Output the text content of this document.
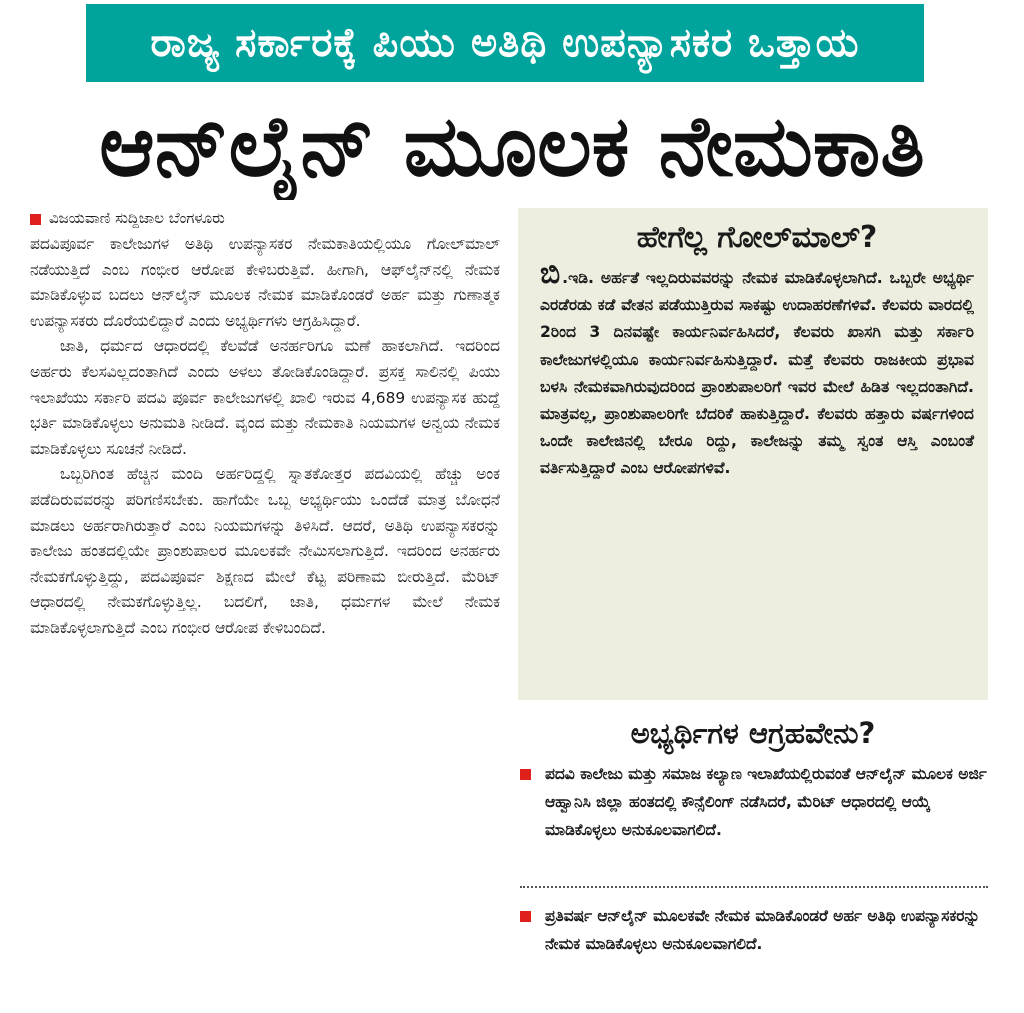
ರಾಜ್ಯ ಸರ್ಕಾರಕ್ಕೆ ಪಿಯು ಅತಿಥಿ ಉಪನ್ಯಾಸಕರ ಒತ್ತಾಯ
ಆನ್‌ಲೈನ್ ಮೂಲಕ ನೇಮಕಾತಿ
ವಿಜಯವಾಣಿ ಸುದ್ದಿಜಾಲ ಬೆಂಗಳೂರು

ಪದವಿಪೂರ್ವ ಕಾಲೇಜುಗಳ ಅತಿಥಿ ಉಪನ್ಯಾಸಕರ ನೇಮಕಾತಿಯಲ್ಲಿಯೂ ಗೋಲ್‌ಮಾಲ್ ನಡೆಯುತ್ತಿದೆ ಎಂಬ ಗಂಭೀರ ಆರೋಪ ಕೇಳಿಬರುತ್ತಿವೆ. ಹೀಗಾಗಿ, ಆಫ್‌ಲೈನ್‌ನಲ್ಲಿ ನೇಮಕ ಮಾಡಿಕೊಳ್ಳುವ ಬದಲು ಆನ್‌ಲೈನ್ ಮೂಲಕ ನೇಮಕ ಮಾಡಿಕೊಂಡರೆ ಅರ್ಹ ಮತ್ತು ಗುಣಾತ್ಮಕ ಉಪನ್ಯಾಸಕರು ದೊರೆಯಲಿದ್ದಾರೆ ಎಂದು ಅಭ್ಯರ್ಥಿಗಳು ಆಗ್ರಹಿಸಿದ್ದಾರೆ.

ಜಾತಿ, ಧರ್ಮದ ಆಧಾರದಲ್ಲಿ ಕೆಲವೆಡೆ ಅನರ್ಹರಿಗೂ ಮಣೆ ಹಾಕಲಾಗಿದೆ. ಇದರಿಂದ ಅರ್ಹರು ಕೆಲಸವಿಲ್ಲದಂತಾಗಿದೆ ಎಂದು ಅಳಲು ತೋಡಿಕೊಂಡಿದ್ದಾರೆ. ಪ್ರಸಕ್ತ ಸಾಲಿನಲ್ಲಿ ಪಿಯು ಇಲಾಖೆಯು ಸರ್ಕಾರಿ ಪದವಿ ಪೂರ್ವ ಕಾಲೇಜುಗಳಲ್ಲಿ ಖಾಲಿ ಇರುವ 4,689 ಉಪನ್ಯಾಸಕ ಹುದ್ದೆ ಭರ್ತಿ ಮಾಡಿಕೊಳ್ಳಲು ಅನುಮತಿ ನೀಡಿದೆ. ವೃಂದ ಮತ್ತು ನೇಮಕಾತಿ ನಿಯಮಗಳ ಅನ್ವಯ ನೇಮಕ ಮಾಡಿಕೊಳ್ಳಲು ಸೂಚನೆ ನೀಡಿದೆ.

ಒಬ್ಬರಿಗಿಂತ ಹೆಚ್ಚಿನ ಮಂದಿ ಅರ್ಹರಿದ್ದಲ್ಲಿ ಸ್ನಾತಕೋತ್ತರ ಪದವಿಯಲ್ಲಿ ಹೆಚ್ಚು ಅಂಕ ಪಡೆದಿರುವವರನ್ನು ಪರಿಗಣಿಸಬೇಕು. ಹಾಗೆಯೇ ಒಬ್ಬ ಅಭ್ಯರ್ಥಿಯು ಒಂದೆಡೆ ಮಾತ್ರ ಬೋಧನೆ ಮಾಡಲು ಅರ್ಹರಾಗಿರುತ್ತಾರೆ ಎಂಬ ನಿಯಮಗಳನ್ನು ತಿಳಿಸಿದೆ. ಆದರೆ, ಅತಿಥಿ ಉಪನ್ಯಾಸಕರನ್ನು ಕಾಲೇಜು ಹಂತದಲ್ಲಿಯೇ ಪ್ರಾಂಶುಪಾಲರ ಮೂಲಕವೇ ನೇಮಿಸಲಾಗುತ್ತಿದೆ. ಇದರಿಂದ ಅನರ್ಹರು ನೇಮಕಗೊಳ್ಳುತ್ತಿದ್ದು, ಪದವಿಪೂರ್ವ ಶಿಕ್ಷಣದ ಮೇಲೆ ಕೆಟ್ಟ ಪರಿಣಾಮ ಬೀರುತ್ತಿದೆ. ಮೆರಿಟ್ ಆಧಾರದಲ್ಲಿ ನೇಮಕಗೊಳ್ಳುತ್ತಿಲ್ಲ. ಬದಲಿಗೆ, ಜಾತಿ, ಧರ್ಮಗಳ ಮೇಲೆ ನೇಮಕ ಮಾಡಿಕೊಳ್ಳಲಾಗುತ್ತಿದೆ ಎಂಬ ಗಂಭೀರ ಆರೋಪ ಕೇಳಿಬಂದಿದೆ.

ಹೇಗೆಲ್ಲ ಗೋಲ್‌ಮಾಲ್?
ಬಿ .ಇಡಿ. ಅರ್ಹತೆ ಇಲ್ಲದಿರುವವರನ್ನು ನೇಮಕ ಮಾಡಿಕೊಳ್ಳಲಾಗಿದೆ. ಒಬ್ಬರೇ ಅಭ್ಯರ್ಥಿ ಎರಡೆರಡು ಕಡೆ ವೇತನ ಪಡೆಯುತ್ತಿರುವ ಸಾಕಷ್ಟು ಉದಾಹರಣೆಗಳಿವೆ. ಕೆಲವರು ವಾರದಲ್ಲಿ 2ರಿಂದ 3 ದಿನವಷ್ಟೇ ಕಾರ್ಯನಿರ್ವಹಿಸಿದರೆ, ಕೆಲವರು ಖಾಸಗಿ ಮತ್ತು ಸರ್ಕಾರಿ ಕಾಲೇಜುಗಳಲ್ಲಿಯೂ ಕಾರ್ಯನಿರ್ವಹಿಸುತ್ತಿದ್ದಾರೆ. ಮತ್ತೆ ಕೆಲವರು ರಾಜಕೀಯ ಪ್ರಭಾವ ಬಳಸಿ ನೇಮಕವಾಗಿರುವುದರಿಂದ ಪ್ರಾಂಶುಪಾಲರಿಗೆ ಇವರ ಮೇಲೆ ಹಿಡಿತ ಇಲ್ಲದಂತಾಗಿದೆ. ಮಾತ್ರವಲ್ಲ, ಪ್ರಾಂಶುಪಾಲರಿಗೇ ಬೆದರಿಕೆ ಹಾಕುತ್ತಿದ್ದಾರೆ. ಕೆಲವರು ಹತ್ತಾರು ವರ್ಷಗಳಿಂದ ಒಂದೇ ಕಾಲೇಜಿನಲ್ಲಿ ಬೇರೂ ರಿದ್ದು, ಕಾಲೇಜನ್ನು ತಮ್ಮ ಸ್ವಂತ ಆಸ್ತಿ ಎಂಬಂತೆ ವರ್ತಿಸುತ್ತಿದ್ದಾರೆ ಎಂಬ ಆರೋಪಗಳಿವೆ.
ಅಭ್ಯರ್ಥಿಗಳ ಆಗ್ರಹವೇನು?
ಪದವಿ ಕಾಲೇಜು ಮತ್ತು ಸಮಾಜ ಕಲ್ಯಾಣ ಇಲಾಖೆಯಲ್ಲಿರುವಂತೆ ಆನ್‌ಲೈನ್ ಮೂಲಕ ಅರ್ಜಿ ಆಹ್ವಾನಿಸಿ ಜಿಲ್ಲಾ ಹಂತದಲ್ಲಿ ಕೌನ್ಸೆಲಿಂಗ್ ನಡೆಸಿದರೆ, ಮೆರಿಟ್ ಆಧಾರದಲ್ಲಿ ಆಯ್ಕೆ ಮಾಡಿಕೊಳ್ಳಲು ಅನುಕೂಲವಾಗಲಿದೆ.
ಪ್ರತಿವರ್ಷ ಆನ್‌ಲೈನ್ ಮೂಲಕವೇ ನೇಮಕ ಮಾಡಿಕೊಂಡರೆ ಅರ್ಹ ಅತಿಥಿ ಉಪನ್ಯಾಸಕರನ್ನು ನೇಮಕ ಮಾಡಿಕೊಳ್ಳಲು ಅನುಕೂಲವಾಗಲಿದೆ.
